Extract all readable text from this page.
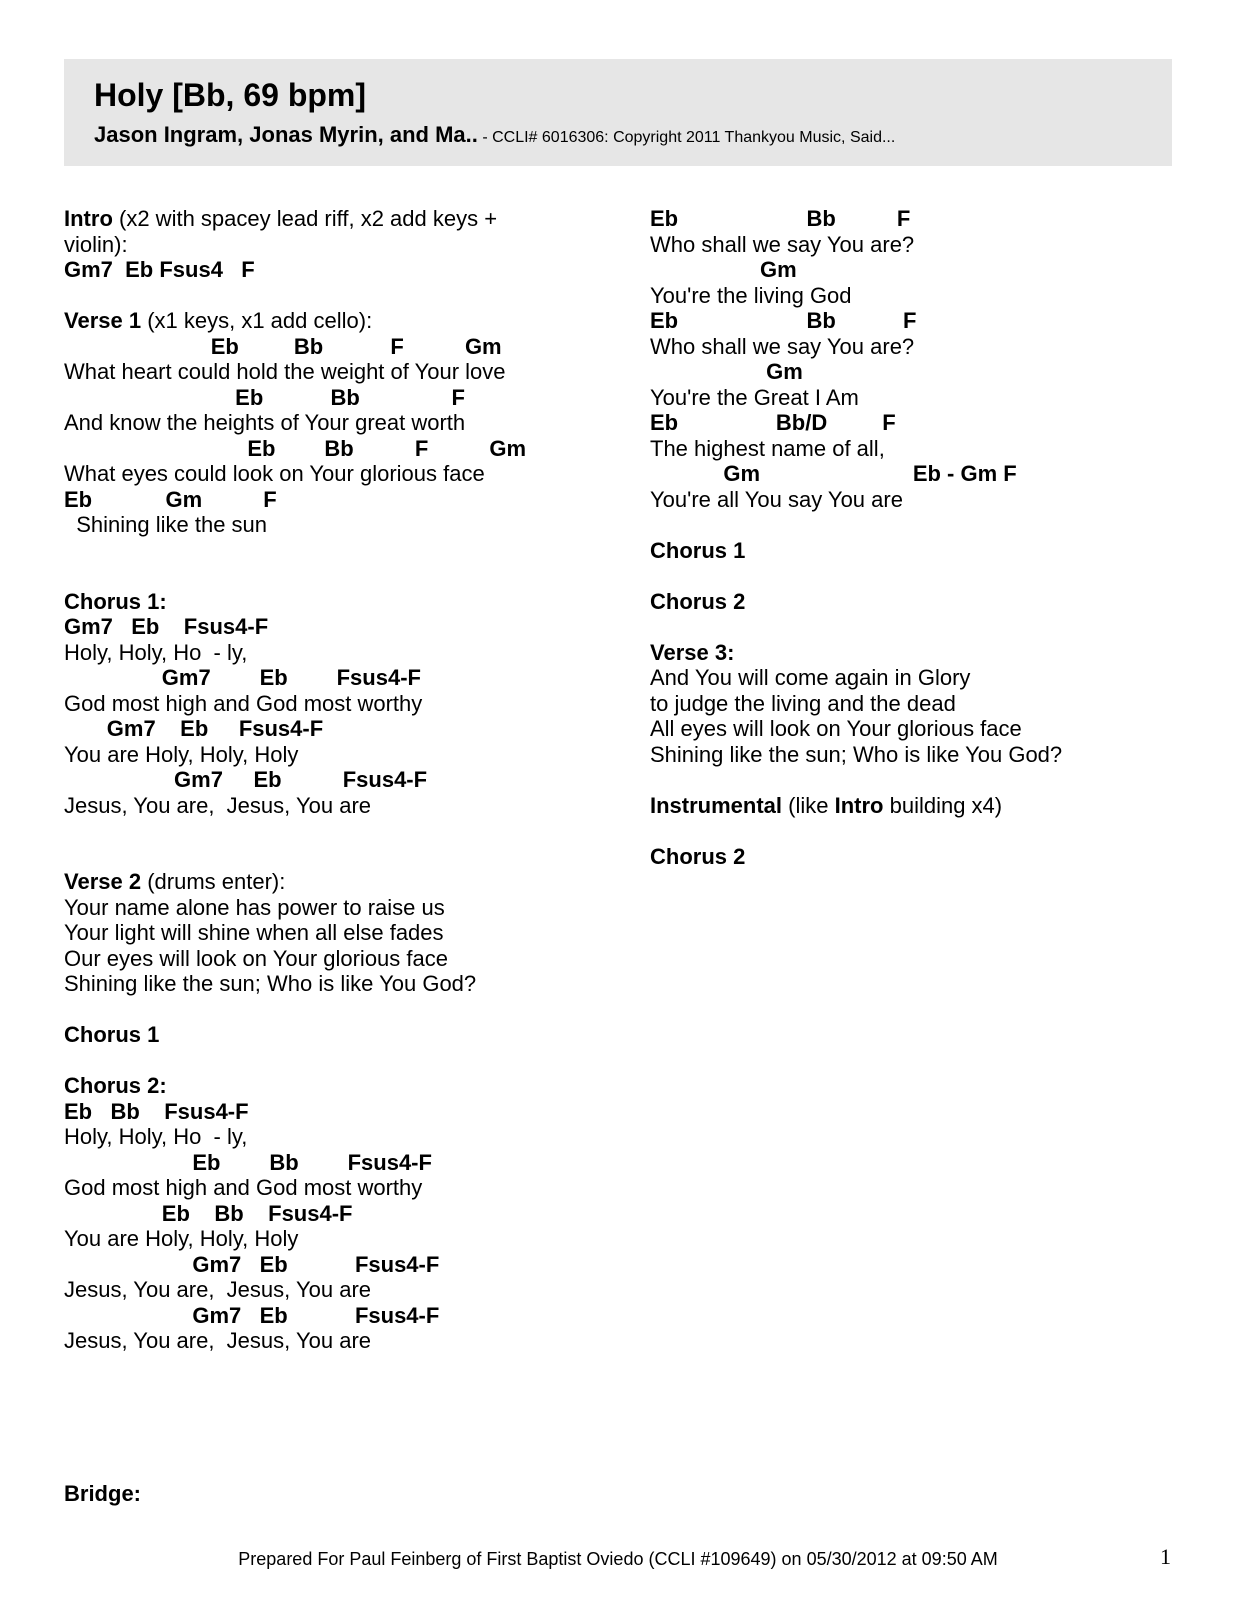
Holy [Bb, 69 bpm]
Jason Ingram, Jonas Myrin, and Ma.. - CCLI# 6016306: Copyright 2011 Thankyou Music, Said...
Intro (x2 with spacey lead riff, x2 add keys +
violin):
Gm7  Eb Fsus4   F
Verse 1 (x1 keys, x1 add cello):
Eb         Bb           F          Gm
What heart could hold the weight of Your love
Eb           Bb               F
And know the heights of Your great worth
Eb        Bb          F          Gm
What eyes could look on Your glorious face
Eb            Gm          F
Shining like the sun
Chorus 1:
Gm7   Eb    Fsus4-F
Holy, Holy, Ho  - ly,
Gm7        Eb        Fsus4-F
God most high and God most worthy
Gm7    Eb     Fsus4-F
You are Holy, Holy, Holy
Gm7     Eb          Fsus4-F
Jesus, You are,  Jesus, You are
Verse 2 (drums enter):
Your name alone has power to raise us
Your light will shine when all else fades
Our eyes will look on Your glorious face
Shining like the sun; Who is like You God?
Chorus 1
Chorus 2:
Eb   Bb    Fsus4-F
Holy, Holy, Ho  - ly,
Eb        Bb        Fsus4-F
God most high and God most worthy
Eb    Bb    Fsus4-F
You are Holy, Holy, Holy
Gm7   Eb           Fsus4-F
Jesus, You are,  Jesus, You are
Gm7   Eb           Fsus4-F
Jesus, You are,  Jesus, You are
Bridge:
Eb                     Bb          F
Who shall we say You are?
Gm
You're the living God
Eb                     Bb           F
Who shall we say You are?
Gm
You're the Great I Am
Eb                Bb/D         F
The highest name of all,
Gm                         Eb - Gm F
You're all You say You are
Chorus 1
Chorus 2
Verse 3:
And You will come again in Glory
to judge the living and the dead
All eyes will look on Your glorious face
Shining like the sun; Who is like You God?
Instrumental (like Intro building x4)
Chorus 2
Prepared For Paul Feinberg of First Baptist Oviedo (CCLI #109649) on 05/30/2012 at 09:50 AM	1
